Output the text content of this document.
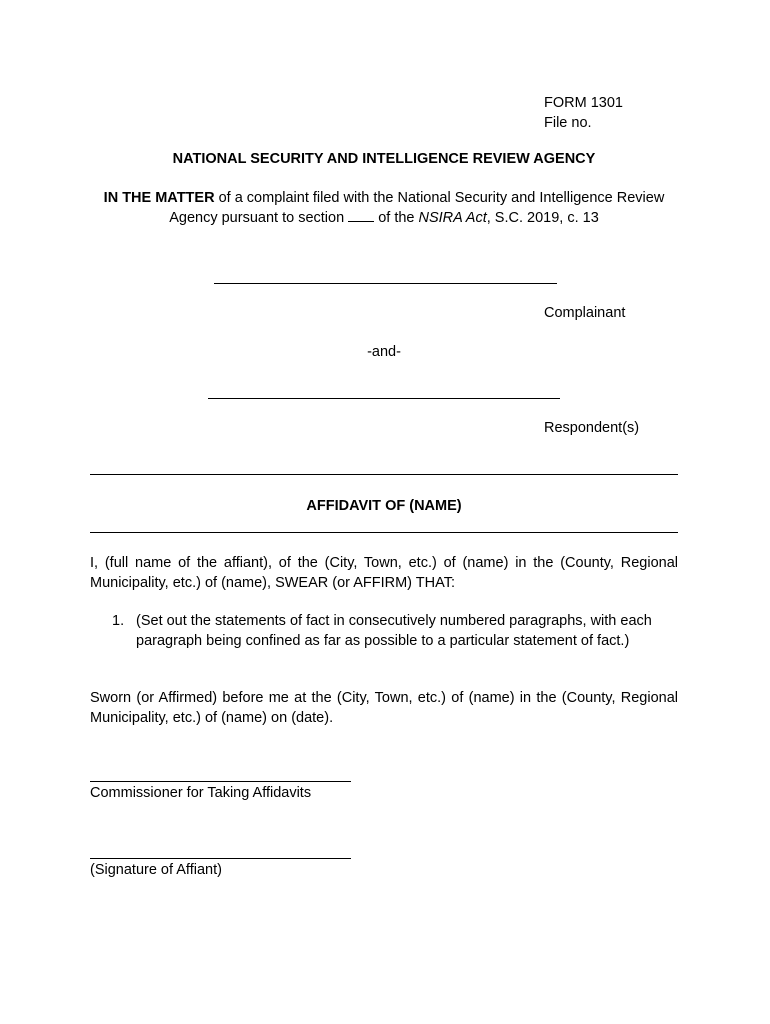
FORM 1301
File no.
NATIONAL SECURITY AND INTELLIGENCE REVIEW AGENCY
IN THE MATTER of a complaint filed with the National Security and Intelligence Review Agency pursuant to section  of the NSIRA Act, S.C. 2019, c. 13
Complainant
-and-
Respondent(s)
AFFIDAVIT OF (NAME)
I, (full name of the affiant), of the (City, Town, etc.) of (name) in the (County, Regional Municipality, etc.) of (name), SWEAR (or AFFIRM) THAT:
1. (Set out the statements of fact in consecutively numbered paragraphs, with each paragraph being confined as far as possible to a particular statement of fact.)
Sworn (or Affirmed) before me at the (City, Town, etc.) of (name) in the (County, Regional Municipality, etc.) of (name) on (date).
Commissioner for Taking Affidavits
(Signature of Affiant)
